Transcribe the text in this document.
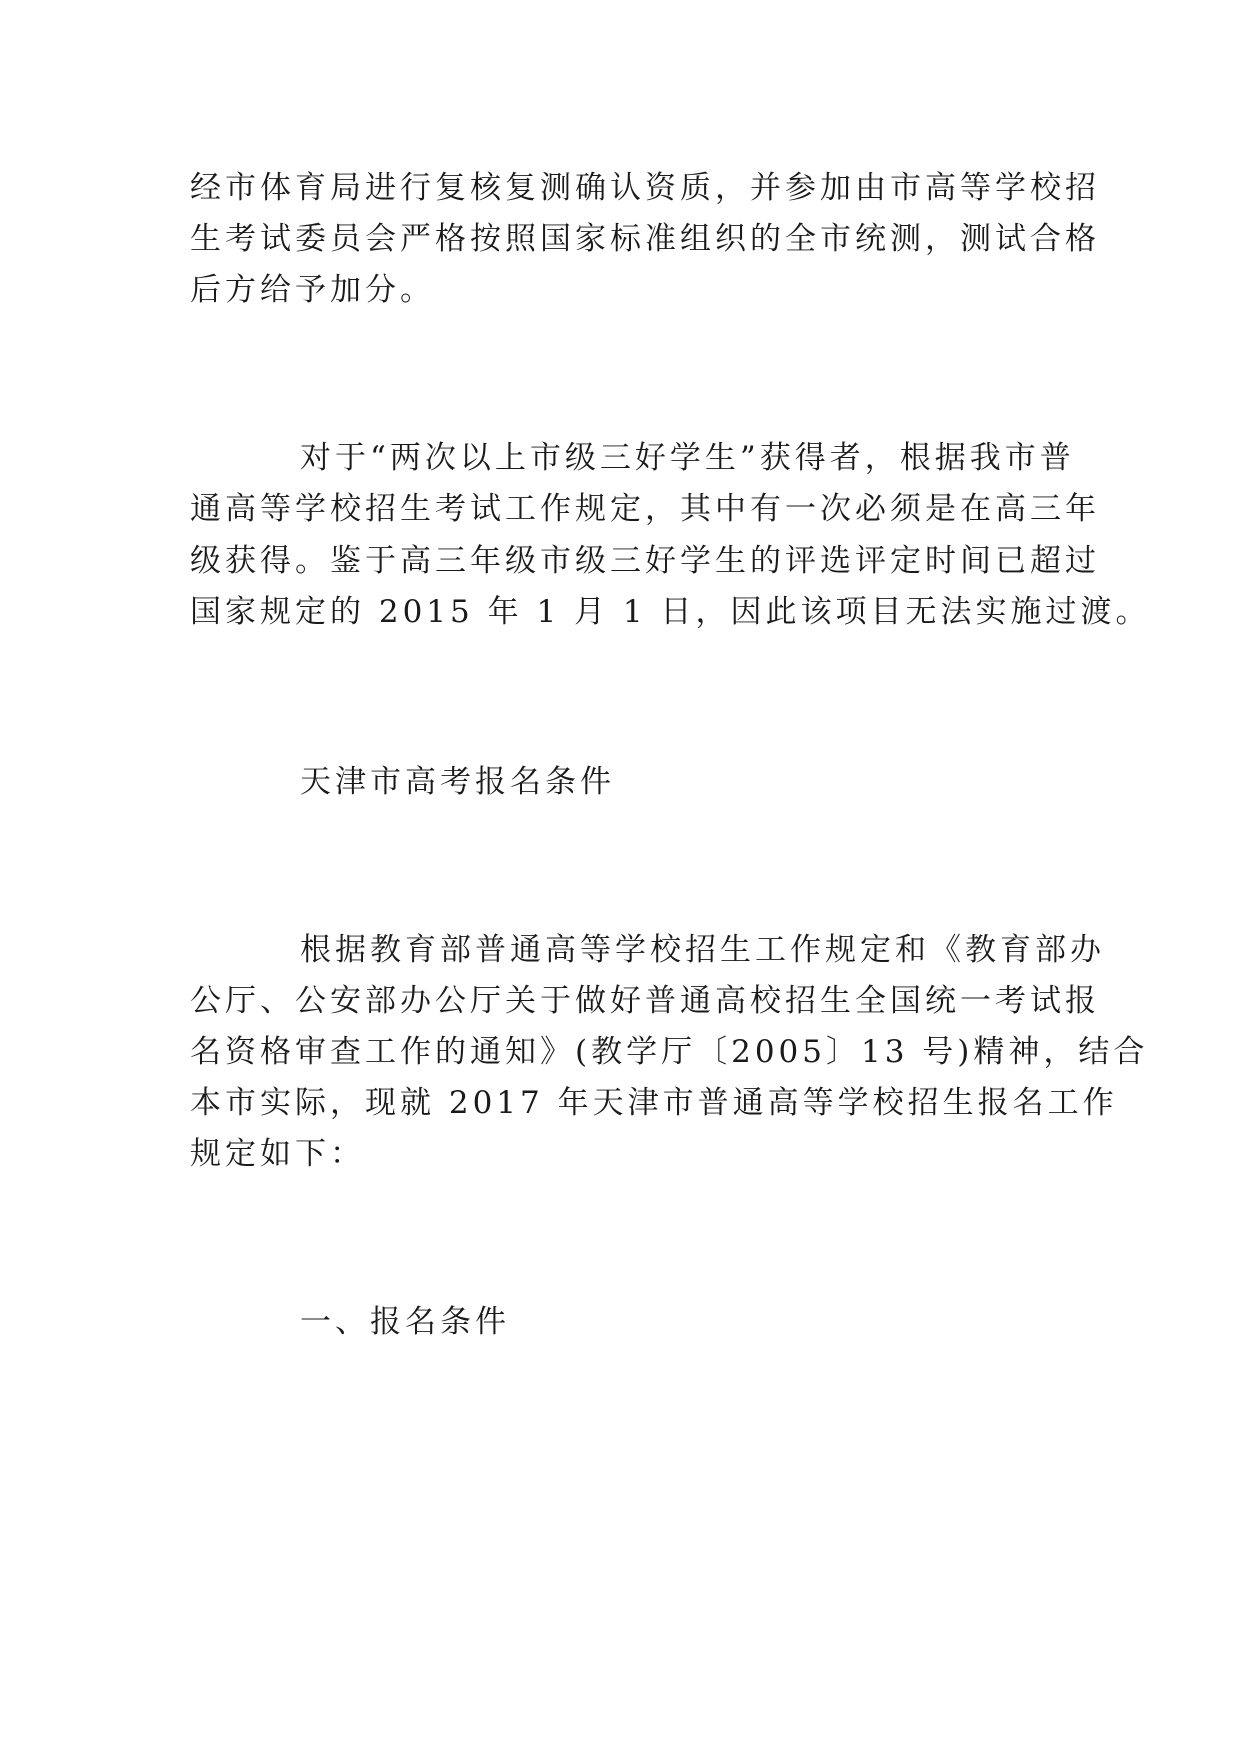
经市体育局进行复核复测确认资质，并参加由市高等学校招
生考试委员会严格按照国家标准组织的全市统测，测试合格
后方给予加分。
对于“两次以上市级三好学生”获得者，根据我市普
通高等学校招生考试工作规定，其中有一次必须是在高三年
级获得。鉴于高三年级市级三好学生的评选评定时间已超过
国家规定的 2015 年 1 月 1 日，因此该项目无法实施过渡。
天津市高考报名条件
根据教育部普通高等学校招生工作规定和《教育部办
公厅、公安部办公厅关于做好普通高校招生全国统一考试报
名资格审查工作的通知》(教学厅〔2005〕13 号)精神，结合
本市实际，现就 2017 年天津市普通高等学校招生报名工作
规定如下：
一、报名条件
